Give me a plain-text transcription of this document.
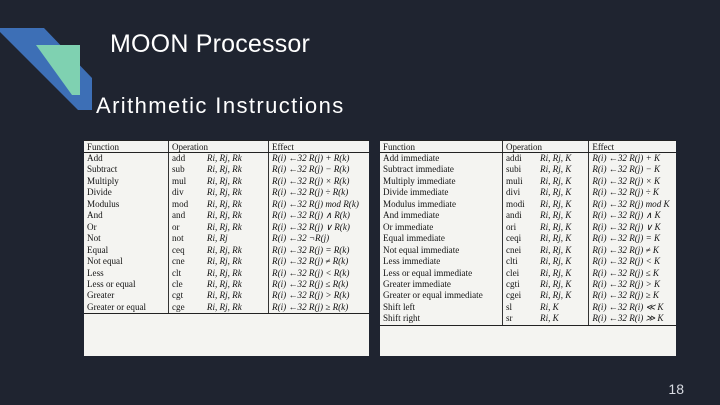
MOON Processor
Arithmetic Instructions
Function	Operation		Effect
Add	add	Ri, Rj, Rk	R(i) ←32 R(j) + R(k)
Subtract	sub	Ri, Rj, Rk	R(i) ←32 R(j) − R(k)
Multiply	mul	Ri, Rj, Rk	R(i) ←32 R(j) × R(k)
Divide	div	Ri, Rj, Rk	R(i) ←32 R(j) ÷ R(k)
Modulus	mod	Ri, Rj, Rk	R(i) ←32 R(j) mod R(k)
And	and	Ri, Rj, Rk	R(i) ←32 R(j) ∧ R(k)
Or	or	Ri, Rj, Rk	R(i) ←32 R(j) ∨ R(k)
Not	not	Ri, Rj	R(i) ←32 ¬R(j)
Equal	ceq	Ri, Rj, Rk	R(i) ←32 R(j) = R(k)
Not equal	cne	Ri, Rj, Rk	R(i) ←32 R(j) ≠ R(k)
Less	clt	Ri, Rj, Rk	R(i) ←32 R(j) < R(k)
Less or equal	cle	Ri, Rj, Rk	R(i) ←32 R(j) ≤ R(k)
Greater	cgt	Ri, Rj, Rk	R(i) ←32 R(j) > R(k)
Greater or equal	cge	Ri, Rj, Rk	R(i) ←32 R(j) ≥ R(k)
Function	Operation		Effect
Add immediate	addi	Ri, Rj, K	R(i) ←32 R(j) + K
Subtract immediate	subi	Ri, Rj, K	R(i) ←32 R(j) − K
Multiply immediate	muli	Ri, Rj, K	R(i) ←32 R(j) × K
Divide immediate	divi	Ri, Rj, K	R(i) ←32 R(j) ÷ K
Modulus immediate	modi	Ri, Rj, K	R(i) ←32 R(j) mod K
And immediate	andi	Ri, Rj, K	R(i) ←32 R(j) ∧ K
Or immediate	ori	Ri, Rj, K	R(i) ←32 R(j) ∨ K
Equal immediate	ceqi	Ri, Rj, K	R(i) ←32 R(j) = K
Not equal immediate	cnei	Ri, Rj, K	R(i) ←32 R(j) ≠ K
Less immediate	clti	Ri, Rj, K	R(i) ←32 R(j) < K
Less or equal immediate	clei	Ri, Rj, K	R(i) ←32 R(j) ≤ K
Greater immediate	cgti	Ri, Rj, K	R(i) ←32 R(j) > K
Greater or equal immediate	cgei	Ri, Rj, K	R(i) ←32 R(j) ≥ K
Shift left	sl	Ri, K	R(i) ←32 R(i) ≪ K
Shift right	sr	Ri, K	R(i) ←32 R(i) ≫ K
18
